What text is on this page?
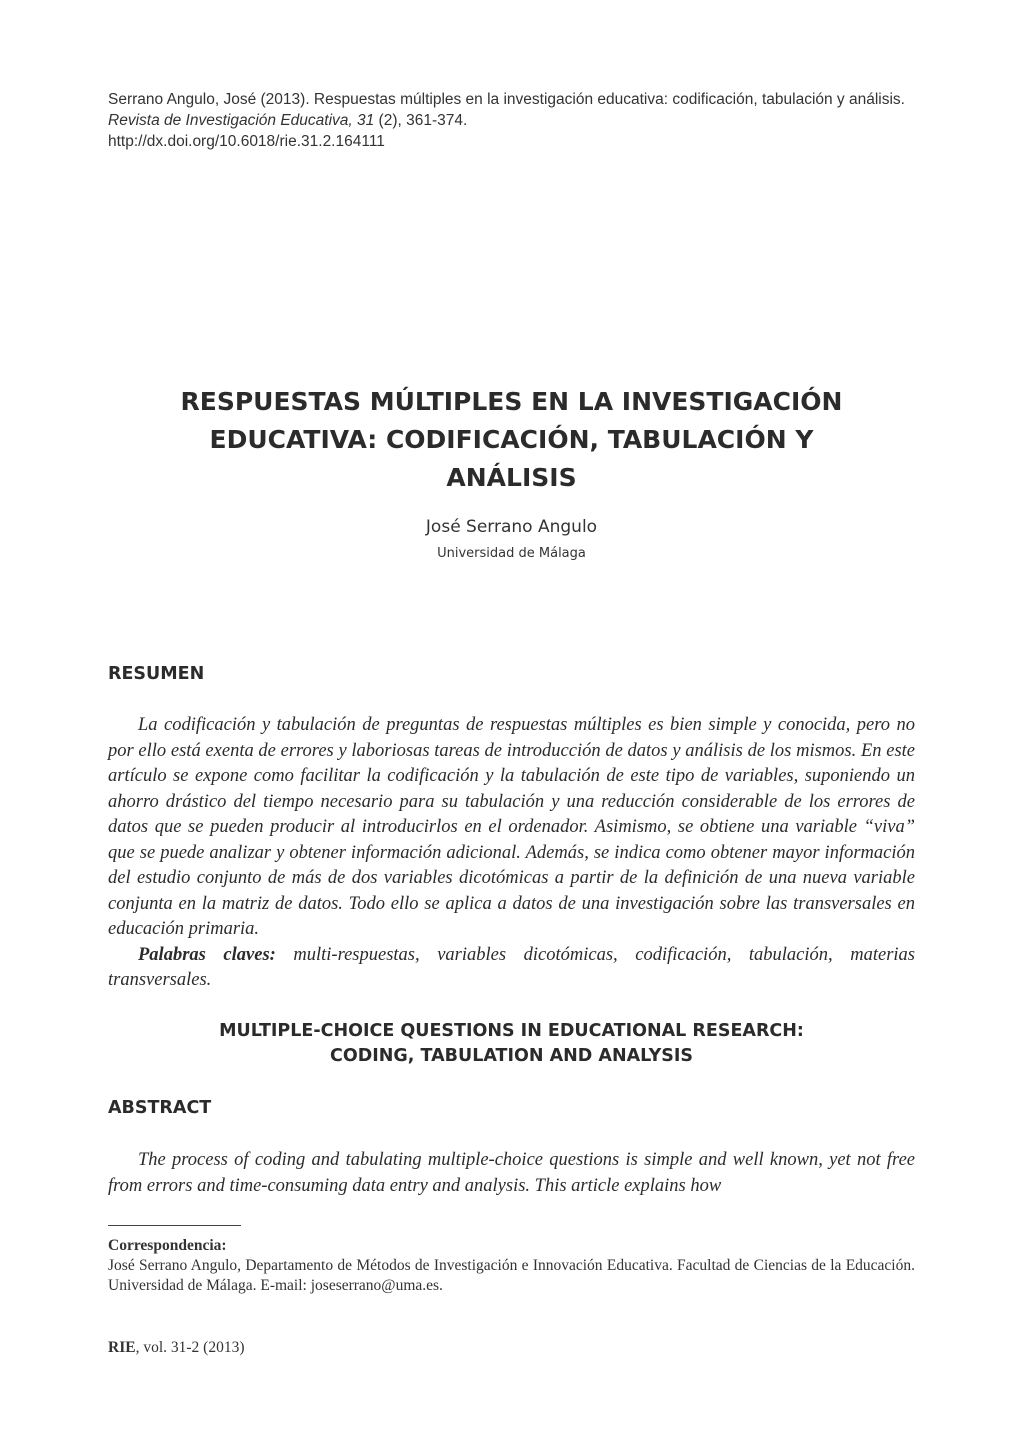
Serrano Angulo, José (2013). Respuestas múltiples en la investigación educativa: codificación, tabulación y análisis.
Revista de Investigación Educativa, 31 (2), 361-374.
http://dx.doi.org/10.6018/rie.31.2.164111
RESPUESTAS MÚLTIPLES EN LA INVESTIGACIÓN
EDUCATIVA: CODIFICACIÓN, TABULACIÓN Y
ANÁLISIS
José Serrano Angulo
Universidad de Málaga
RESUMEN

La codificación y tabulación de preguntas de respuestas múltiples es bien simple y conocida, pero no por ello está exenta de errores y laboriosas tareas de introducción de datos y análisis de los mismos. En este artículo se expone como facilitar la codificación y la tabulación de este tipo de variables, suponiendo un ahorro drástico del tiempo necesario para su tabulación y una reducción considerable de los errores de datos que se pueden producir al introducirlos en el ordenador. Asimismo, se obtiene una variable “viva” que se puede analizar y obtener información adicional. Además, se indica como obtener mayor información del estudio conjunto de más de dos variables dicotómicas a partir de la definición de una nueva variable conjunta en la matriz de datos. Todo ello se aplica a datos de una investigación sobre las transversales en educación primaria.

Palabras claves: multi-respuestas, variables dicotómicas, codificación, tabulación, materias transversales.

MULTIPLE-CHOICE QUESTIONS IN EDUCATIONAL RESEARCH:
CODING, TABULATION AND ANALYSIS
ABSTRACT

The process of coding and tabulating multiple-choice questions is simple and well known, yet not free from errors and time-consuming data entry and analysis. This article explains how

Correspondencia:
José Serrano Angulo, Departamento de Métodos de Investigación e Innovación Educativa. Facultad de Ciencias de la Educación. Universidad de Málaga. E-mail: joseserrano@uma.es.
RIE, vol. 31-2 (2013)
